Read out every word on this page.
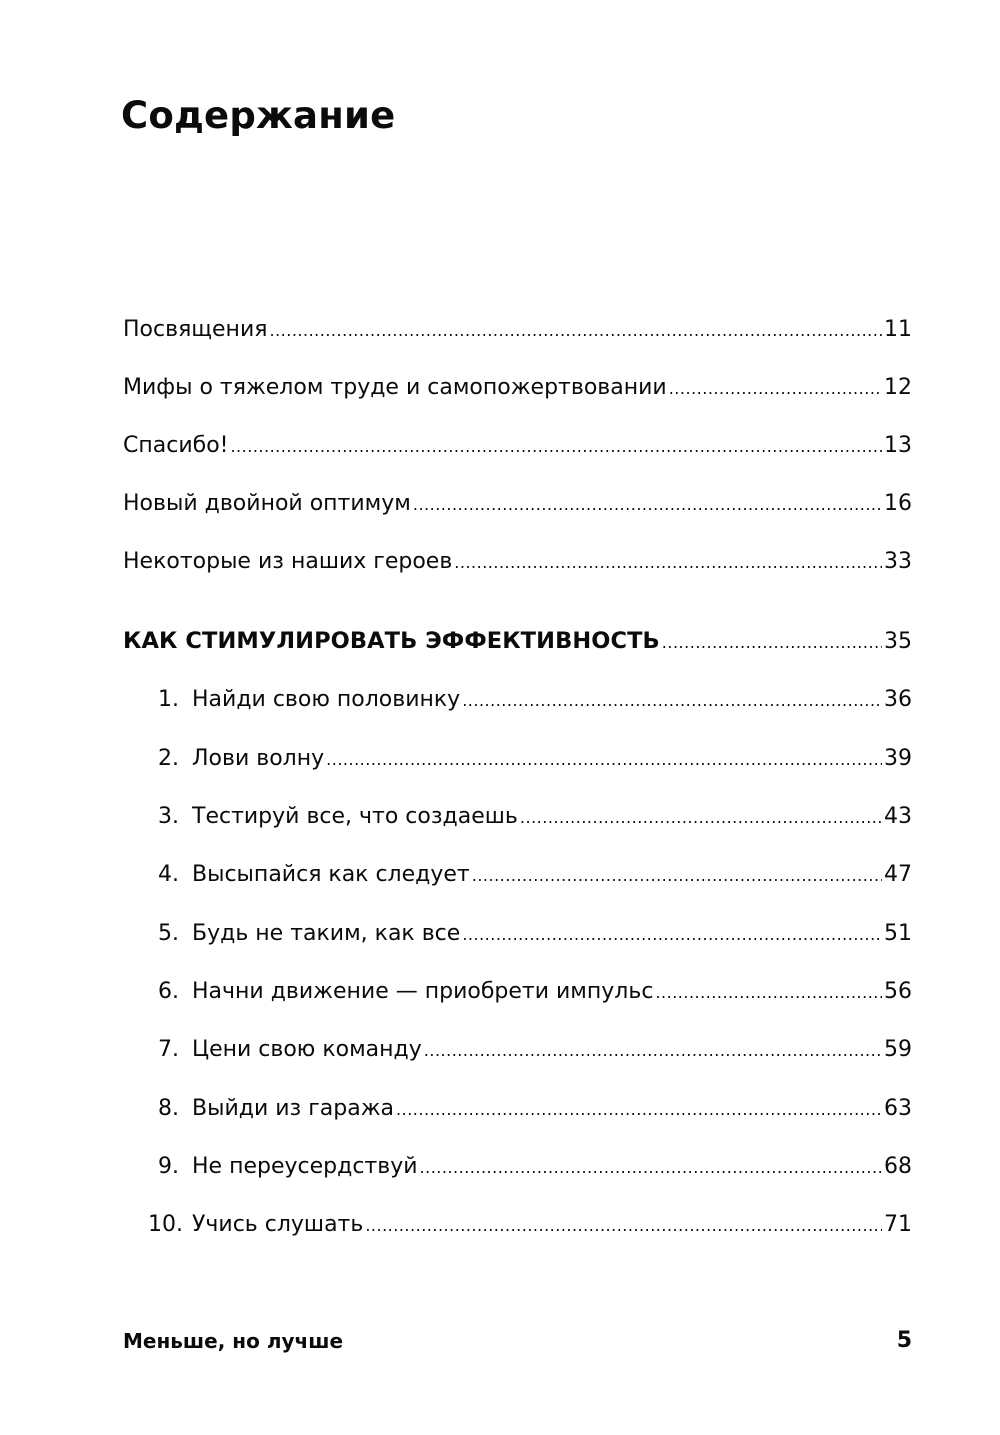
Содержание
Посвящения .....	11
Мифы о тяжелом труде и самопожертвовании .....	12
Спасибо! .....	13
Новый двойной оптимум .....	16
Некоторые из наших героев .....	33
КАК СТИМУЛИРОВАТЬ ЭФФЕКТИВНОСТЬ .....	35
1. Найди свою половинку .....	36
2. Лови волну .....	39
3. Тестируй все, что создаешь .....	43
4. Высыпайся как следует .....	47
5. Будь не таким, как все .....	51
6. Начни движение — приобрети импульс .....	56
7. Цени свою команду .....	59
8. Выйди из гаража .....	63
9. Не переусердствуй .....	68
10. Учись слушать .....	71
Меньше, но лучше	5
